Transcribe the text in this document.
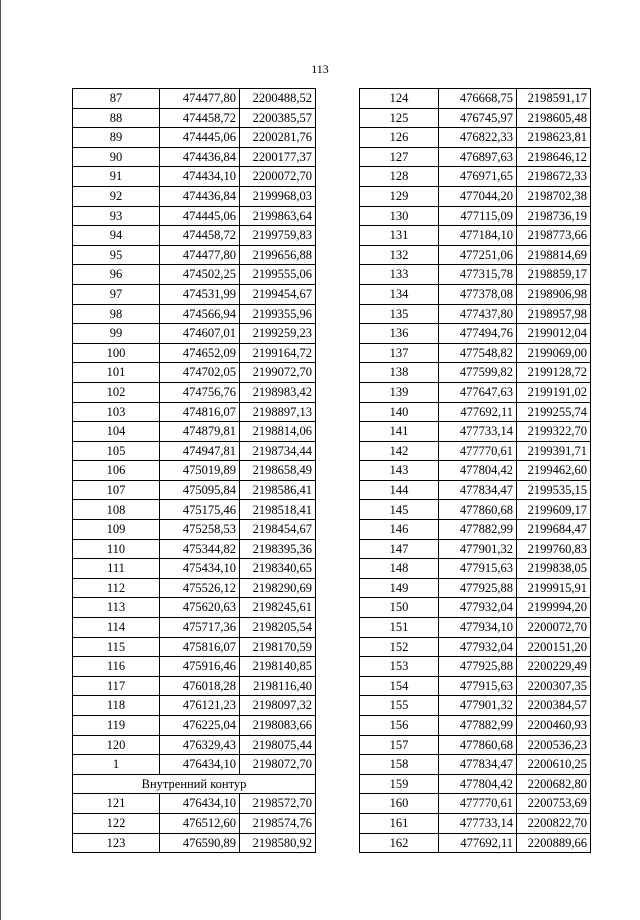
113
87	474477,80	2200488,52
88	474458,72	2200385,57
89	474445,06	2200281,76
90	474436,84	2200177,37
91	474434,10	2200072,70
92	474436,84	2199968,03
93	474445,06	2199863,64
94	474458,72	2199759,83
95	474477,80	2199656,88
96	474502,25	2199555,06
97	474531,99	2199454,67
98	474566,94	2199355,96
99	474607,01	2199259,23
100	474652,09	2199164,72
101	474702,05	2199072,70
102	474756,76	2198983,42
103	474816,07	2198897,13
104	474879,81	2198814,06
105	474947,81	2198734,44
106	475019,89	2198658,49
107	475095,84	2198586,41
108	475175,46	2198518,41
109	475258,53	2198454,67
110	475344,82	2198395,36
111	475434,10	2198340,65
112	475526,12	2198290,69
113	475620,63	2198245,61
114	475717,36	2198205,54
115	475816,07	2198170,59
116	475916,46	2198140,85
117	476018,28	2198116,40
118	476121,23	2198097,32
119	476225,04	2198083,66
120	476329,43	2198075,44
1	476434,10	2198072,70
Внутренний контур		
121	476434,10	2198572,70
122	476512,60	2198574,76
123	476590,89	2198580,92
124	476668,75	2198591,17
125	476745,97	2198605,48
126	476822,33	2198623,81
127	476897,63	2198646,12
128	476971,65	2198672,33
129	477044,20	2198702,38
130	477115,09	2198736,19
131	477184,10	2198773,66
132	477251,06	2198814,69
133	477315,78	2198859,17
134	477378,08	2198906,98
135	477437,80	2198957,98
136	477494,76	2199012,04
137	477548,82	2199069,00
138	477599,82	2199128,72
139	477647,63	2199191,02
140	477692,11	2199255,74
141	477733,14	2199322,70
142	477770,61	2199391,71
143	477804,42	2199462,60
144	477834,47	2199535,15
145	477860,68	2199609,17
146	477882,99	2199684,47
147	477901,32	2199760,83
148	477915,63	2199838,05
149	477925,88	2199915,91
150	477932,04	2199994,20
151	477934,10	2200072,70
152	477932,04	2200151,20
153	477925,88	2200229,49
154	477915,63	2200307,35
155	477901,32	2200384,57
156	477882,99	2200460,93
157	477860,68	2200536,23
158	477834,47	2200610,25
159	477804,42	2200682,80
160	477770,61	2200753,69
161	477733,14	2200822,70
162	477692,11	2200889,66
